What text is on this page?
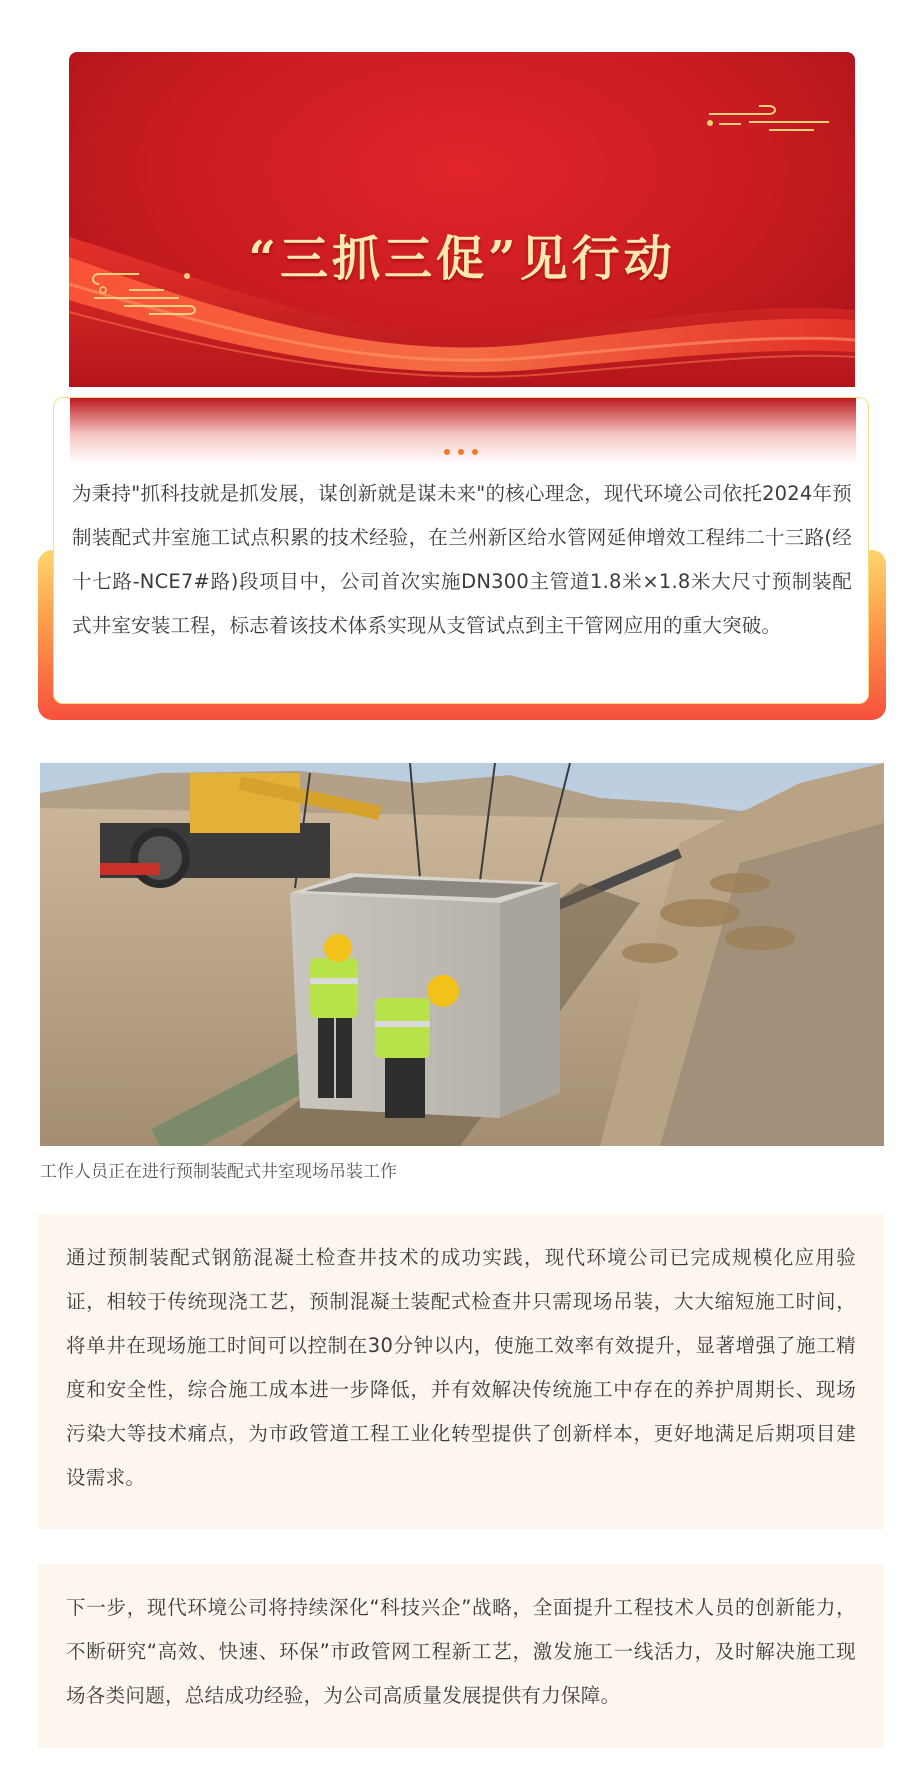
“三抓三促”见行动
为秉持"抓科技就是抓发展，谋创新就是谋未来"的核心理念，现代环境公司依托2024年预制装配式井室施工试点积累的技术经验，在兰州新区给水管网延伸增效工程纬二十三路(经十七路-NCE7#路)段项目中，公司首次实施DN300主管道1.8米×1.8米大尺寸预制装配式井室安装工程，标志着该技术体系实现从支管试点到主干管网应用的重大突破。
工作人员正在进行预制装配式井室现场吊装工作

通过预制装配式钢筋混凝土检查井技术的成功实践，现代环境公司已完成规模化应用验证，相较于传统现浇工艺，预制混凝土装配式检查井只需现场吊装，大大缩短施工时间，将单井在现场施工时间可以控制在30分钟以内，使施工效率有效提升，显著增强了施工精度和安全性，综合施工成本进一步降低，并有效解决传统施工中存在的养护周期长、现场污染大等技术痛点，为市政管道工程工业化转型提供了创新样本，更好地满足后期项目建设需求。

下一步，现代环境公司将持续深化“科技兴企”战略，全面提升工程技术人员的创新能力，不断研究“高效、快速、环保”市政管网工程新工艺，激发施工一线活力，及时解决施工现场各类问题，总结成功经验，为公司高质量发展提供有力保障。
